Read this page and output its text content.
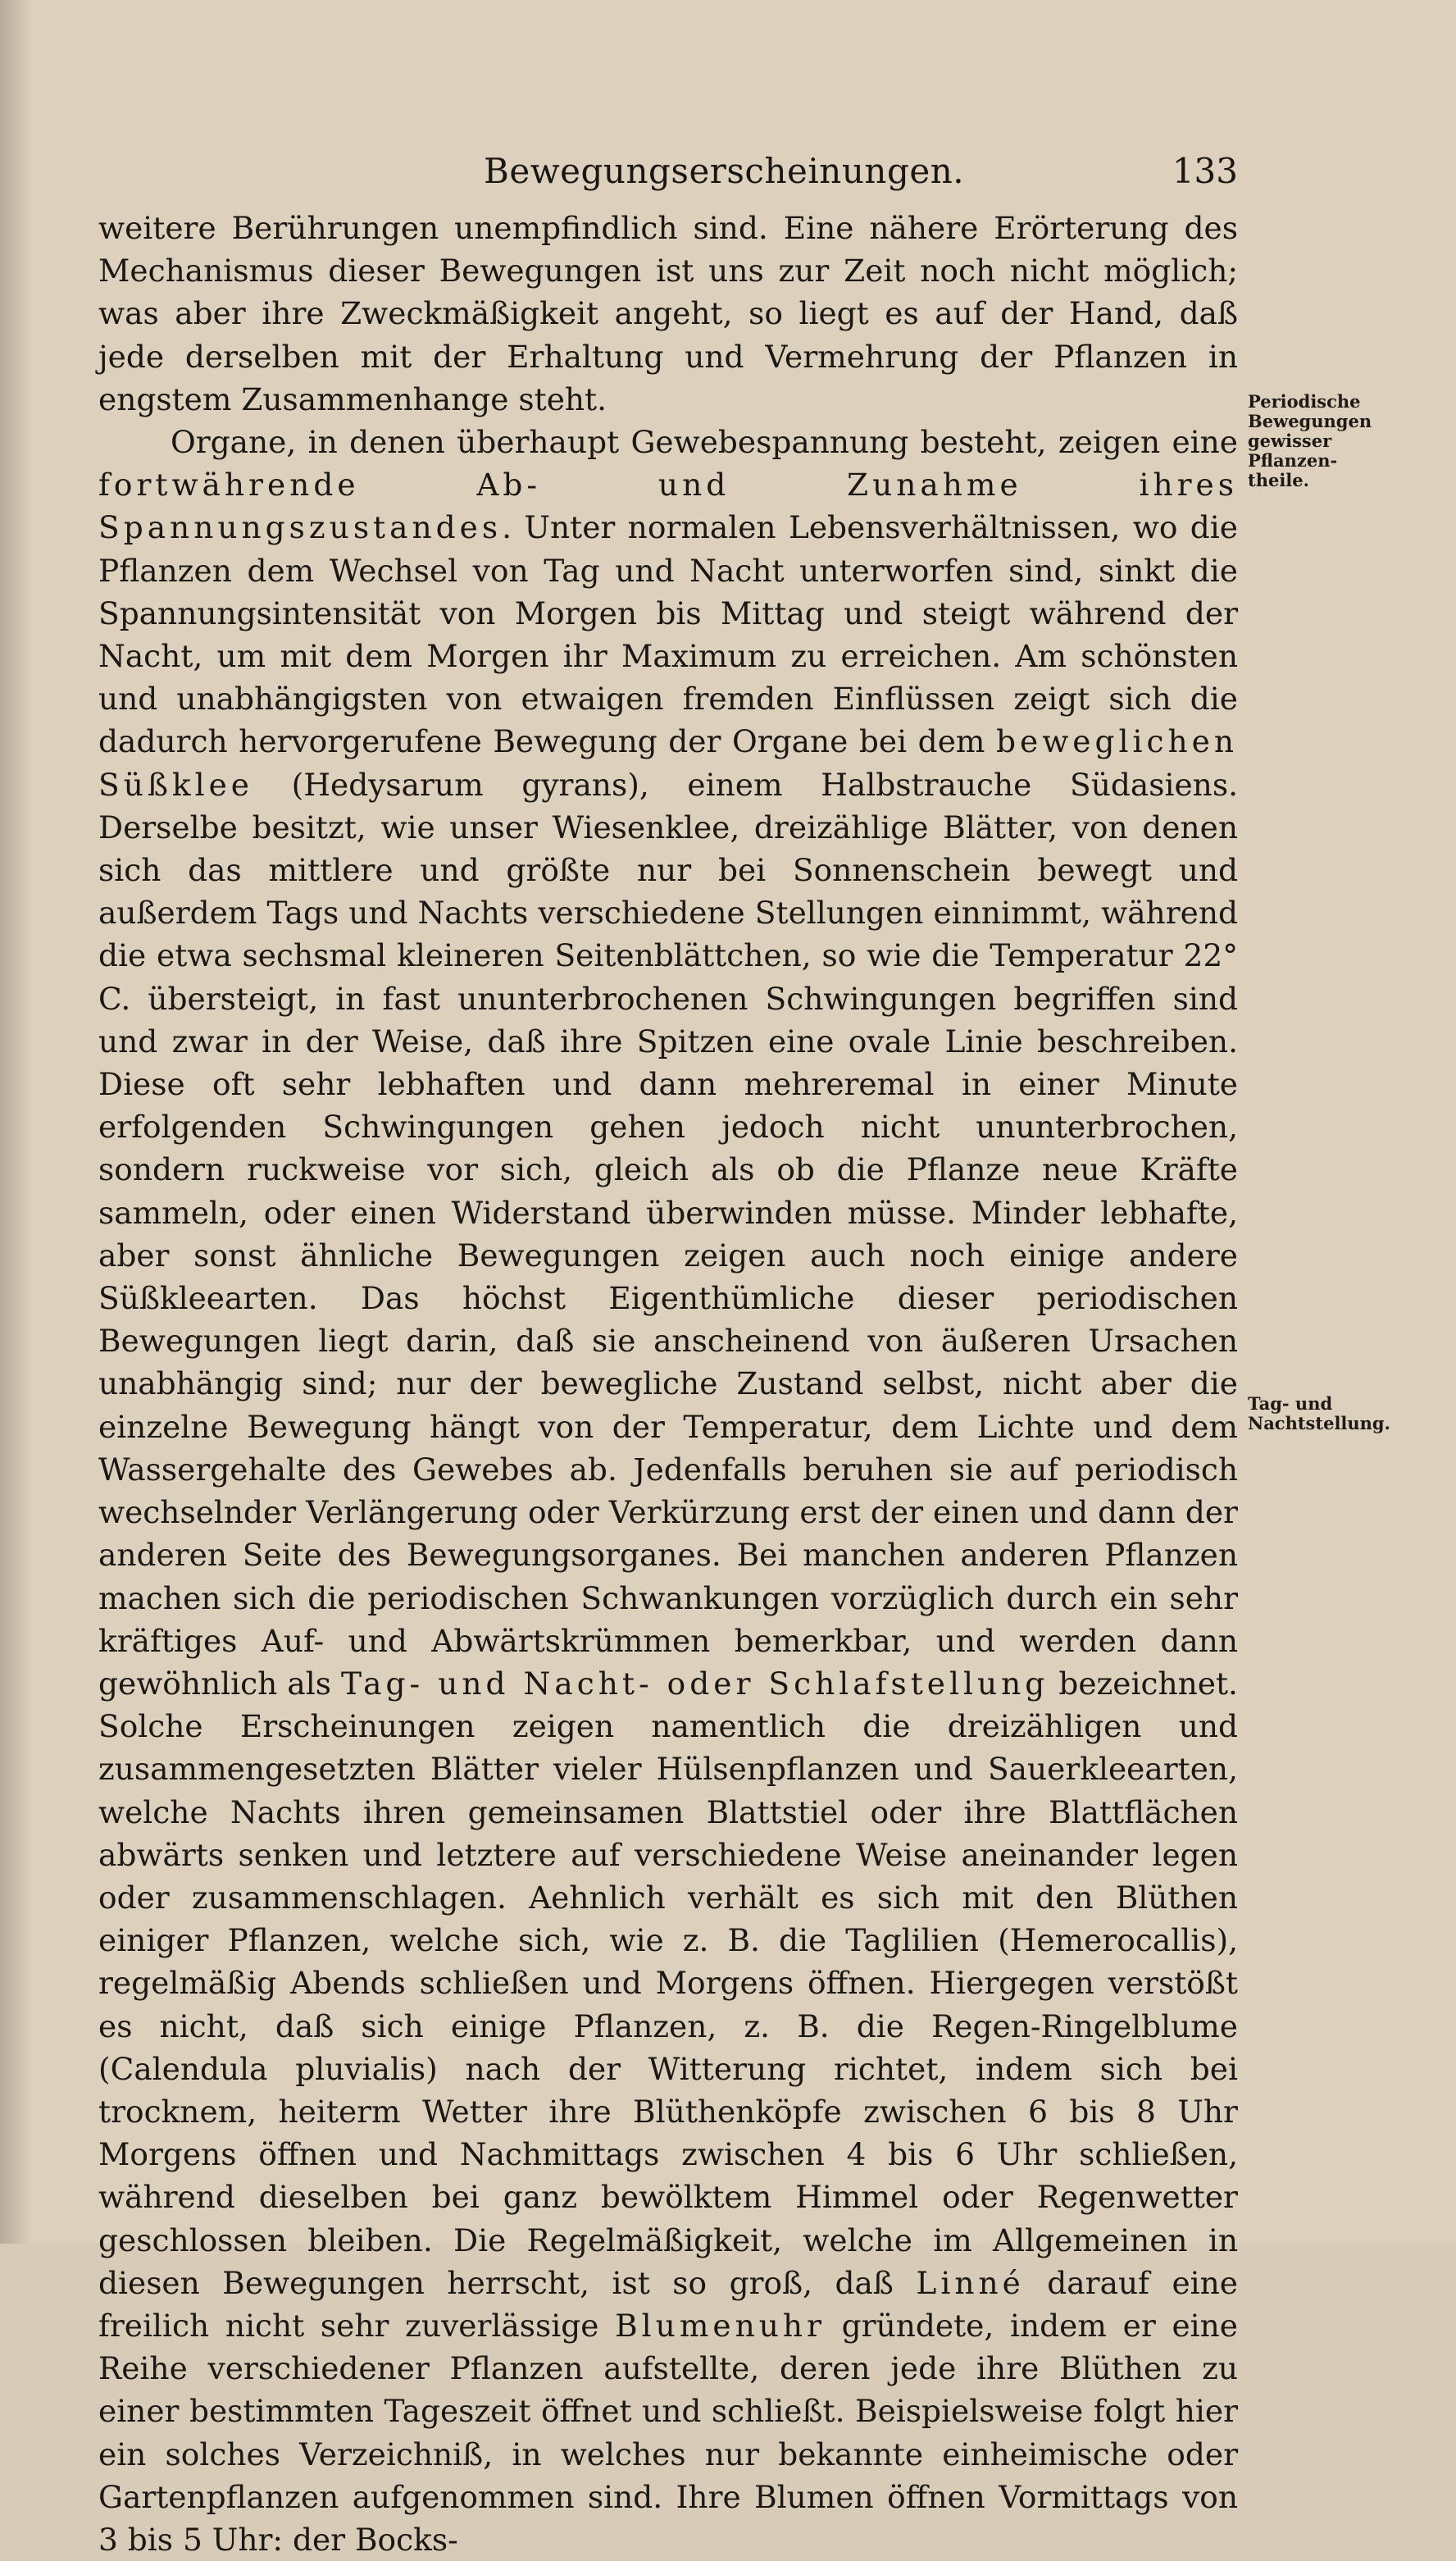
Bewegungserscheinungen.	133

weitere Berührungen unempfindlich sind. Eine nähere Erörterung des Mechanismus dieser Bewegungen ist uns zur Zeit noch nicht möglich; was aber ihre Zweckmäßigkeit angeht, so liegt es auf der Hand, daß jede derselben mit der Erhaltung und Vermehrung der Pflanzen in engstem Zusammenhange steht.

Organe, in denen überhaupt Gewebespannung besteht, zeigen eine fortwährende Ab- und Zunahme ihres Spannungszustandes. Unter normalen Lebensverhältnissen, wo die Pflanzen dem Wechsel von Tag und Nacht unterworfen sind, sinkt die Spannungsintensität von Morgen bis Mittag und steigt während der Nacht, um mit dem Morgen ihr Maximum zu erreichen. Am schönsten und unabhängigsten von etwaigen fremden Einflüssen zeigt sich die dadurch hervorgerufene Bewegung der Organe bei dem beweglichen Süßklee (Hedysarum gyrans), einem Halbstrauche Südasiens. Derselbe besitzt, wie unser Wiesenklee, dreizählige Blätter, von denen sich das mittlere und größte nur bei Sonnenschein bewegt und außerdem Tags und Nachts verschiedene Stellungen einnimmt, während die etwa sechsmal kleineren Seitenblättchen, so wie die Temperatur 22° C. übersteigt, in fast ununterbrochenen Schwingungen begriffen sind und zwar in der Weise, daß ihre Spitzen eine ovale Linie beschreiben. Diese oft sehr lebhaften und dann mehreremal in einer Minute erfolgenden Schwingungen gehen jedoch nicht ununterbrochen, sondern ruckweise vor sich, gleich als ob die Pflanze neue Kräfte sammeln, oder einen Widerstand überwinden müsse. Minder lebhafte, aber sonst ähnliche Bewegungen zeigen auch noch einige andere Süßkleearten. Das höchst Eigenthümliche dieser periodischen Bewegungen liegt darin, daß sie anscheinend von äußeren Ursachen unabhängig sind; nur der bewegliche Zustand selbst, nicht aber die einzelne Bewegung hängt von der Temperatur, dem Lichte und dem Wassergehalte des Gewebes ab. Jedenfalls beruhen sie auf periodisch wechselnder Verlängerung oder Verkürzung erst der einen und dann der anderen Seite des Bewegungsorganes. Bei manchen anderen Pflanzen machen sich die periodischen Schwankungen vorzüglich durch ein sehr kräftiges Auf- und Abwärtskrümmen bemerkbar, und werden dann gewöhnlich als Tag- und Nacht- oder Schlafstellung bezeichnet. Solche Erscheinungen zeigen namentlich die dreizähligen und zusammengesetzten Blätter vieler Hülsenpflanzen und Sauerkleearten, welche Nachts ihren gemeinsamen Blattstiel oder ihre Blattflächen abwärts senken und letztere auf verschiedene Weise aneinander legen oder zusammenschlagen. Aehnlich verhält es sich mit den Blüthen einiger Pflanzen, welche sich, wie z. B. die Taglilien (Hemerocallis), regelmäßig Abends schließen und Morgens öffnen. Hiergegen verstößt es nicht, daß sich einige Pflanzen, z. B. die Regen-Ringelblume (Calendula pluvialis) nach der Witterung richtet, indem sich bei trocknem, heiterm Wetter ihre Blüthenköpfe zwischen 6 bis 8 Uhr Morgens öffnen und Nachmittags zwischen 4 bis 6 Uhr schließen, während dieselben bei ganz bewölktem Himmel oder Regenwetter geschlossen bleiben. Die Regelmäßigkeit, welche im Allgemeinen in diesen Bewegungen herrscht, ist so groß, daß Linné darauf eine freilich nicht sehr zuverlässige Blumenuhr gründete, indem er eine Reihe verschiedener Pflanzen aufstellte, deren jede ihre Blüthen zu einer bestimmten Tageszeit öffnet und schließt. Beispielsweise folgt hier ein solches Verzeichniß, in welches nur bekannte einheimische oder Gartenpflanzen aufgenommen sind. Ihre Blumen öffnen Vormittags von 3 bis 5 Uhr: der Bocks-

Periodische Bewegungen gewisser Pflanzen-theile.
Tag- und Nachtstellung.
